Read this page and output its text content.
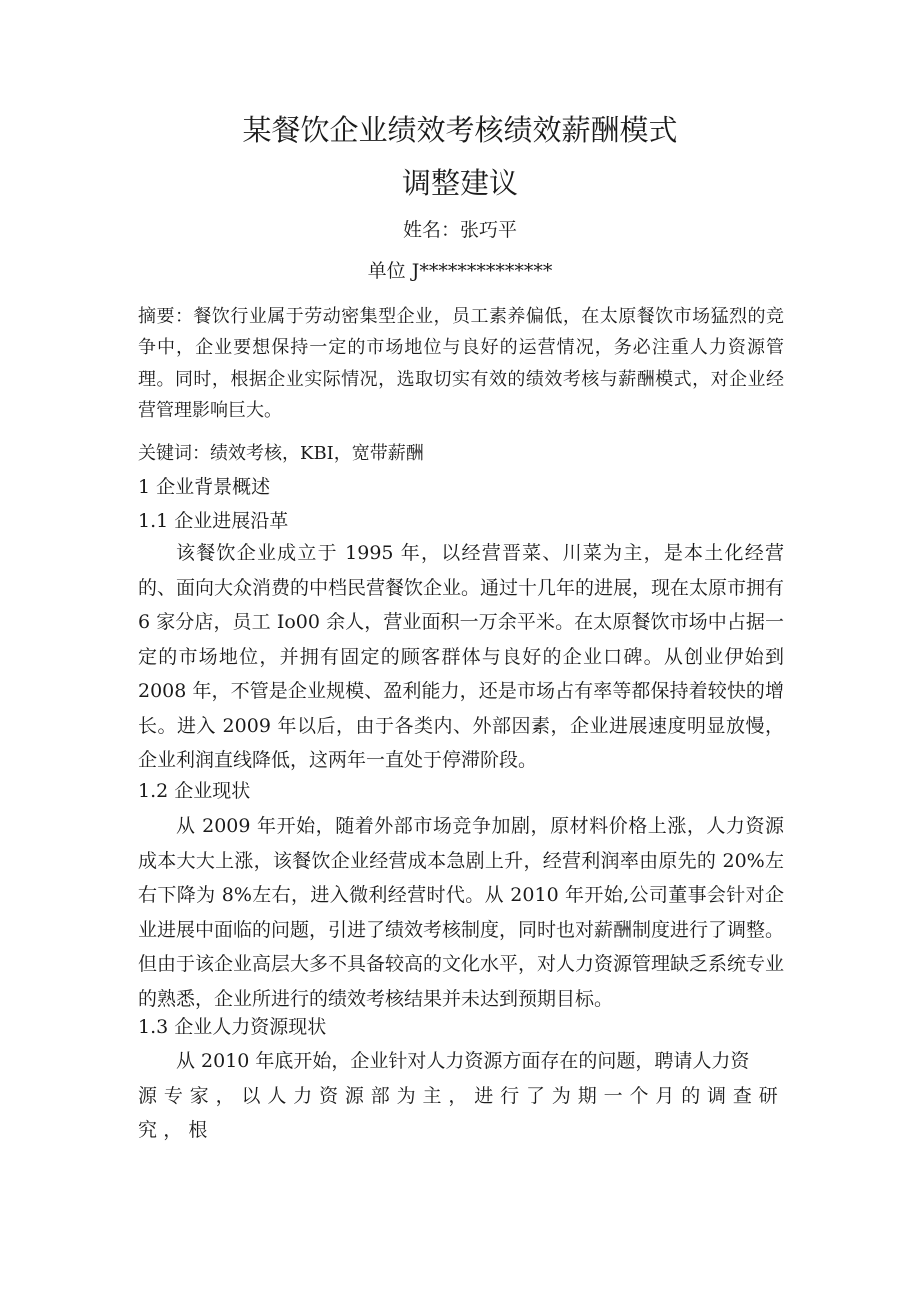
某餐饮企业绩效考核绩效薪酬模式
调整建议
姓名：张巧平
单位 J**************
摘要：餐饮行业属于劳动密集型企业，员工素养偏低，在太原餐饮市场猛烈的竞争中，企业要想保持一定的市场地位与良好的运营情况，务必注重人力资源管理。同时，根据企业实际情况，选取切实有效的绩效考核与薪酬模式，对企业经营管理影响巨大。
关键词：绩效考核，KBI，宽带薪酬
1 企业背景概述
1.1 企业进展沿革

该餐饮企业成立于 1995 年，以经营晋菜、川菜为主，是本土化经营的、面向大众消费的中档民营餐饮企业。通过十几年的进展，现在太原市拥有 6 家分店，员工 Io00 余人，营业面积一万余平米。在太原餐饮市场中占据一定的市场地位，并拥有固定的顾客群体与良好的企业口碑。从创业伊始到 2008 年，不管是企业规模、盈利能力，还是市场占有率等都保持着较快的增长。进入 2009 年以后，由于各类内、外部因素，企业进展速度明显放慢，企业利润直线降低，这两年一直处于停滞阶段。

1.2 企业现状

从 2009 年开始，随着外部市场竞争加剧，原材料价格上涨，人力资源成本大大上涨，该餐饮企业经营成本急剧上升，经营利润率由原先的 20%左右下降为 8%左右，进入微利经营时代。从 2010 年开始,公司董事会针对企业进展中面临的问题，引进了绩效考核制度，同时也对薪酬制度进行了调整。但由于该企业高层大多不具备较高的文化水平，对人力资源管理缺乏系统专业的熟悉，企业所进行的绩效考核结果并未达到预期目标。

1.3 企业人力资源现状

从 2010 年底开始，企业针对人力资源方面存在的问题，聘请人力资
源专家，以人力资源部为主，进行了为期一个月的调查研究，根
